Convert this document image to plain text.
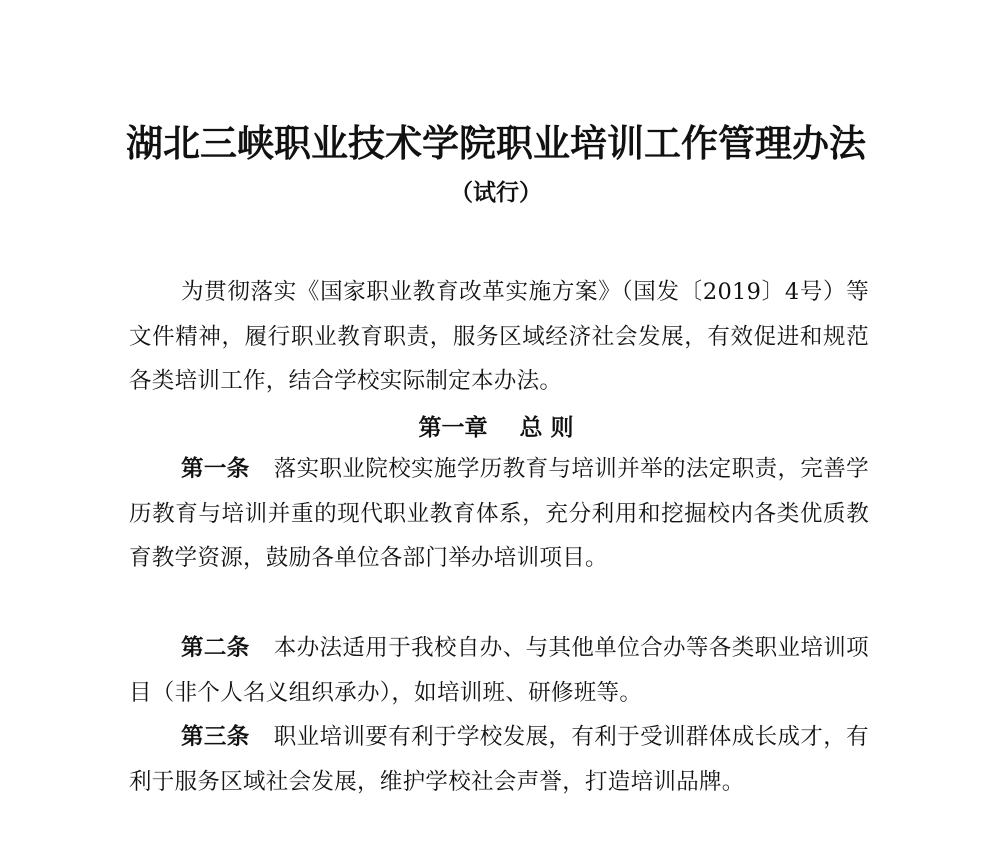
湖北三峡职业技术学院职业培训工作管理办法
（试行）

为贯彻落实《国家职业教育改革实施方案》（国发〔2019〕4号）等文件精神，履行职业教育职责，服务区域经济社会发展，有效促进和规范各类培训工作，结合学校实际制定本办法。

第一章    总 则

第一条 落实职业院校实施学历教育与培训并举的法定职责，完善学历教育与培训并重的现代职业教育体系，充分利用和挖掘校内各类优质教育教学资源，鼓励各单位各部门举办培训项目。

第二条 本办法适用于我校自办、与其他单位合办等各类职业培训项目（非个人名义组织承办），如培训班、研修班等。

第三条 职业培训要有利于学校发展，有利于受训群体成长成才，有利于服务区域社会发展，维护学校社会声誉，打造培训品牌。
